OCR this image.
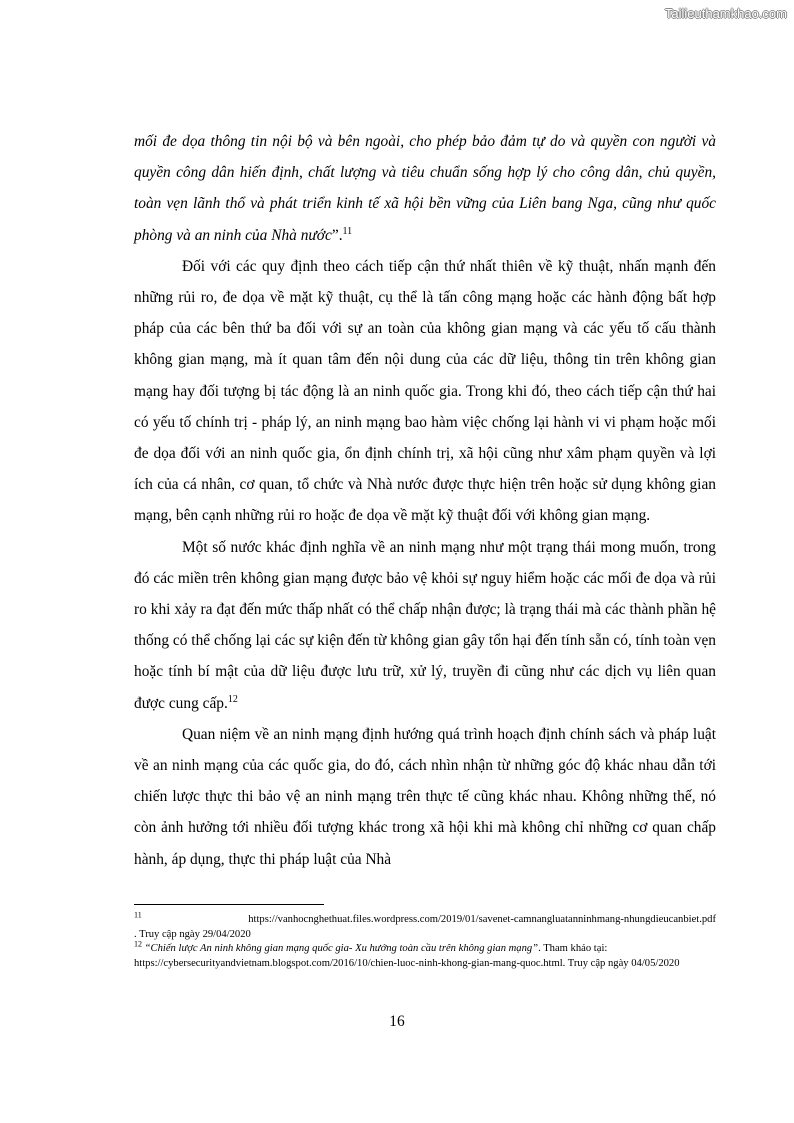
Tailieuthamkhao.com

mối đe dọa thông tin nội bộ và bên ngoài, cho phép bảo đảm tự do và quyền con người và quyền công dân hiến định, chất lượng và tiêu chuẩn sống hợp lý cho công dân, chủ quyền, toàn vẹn lãnh thổ và phát triển kinh tế xã hội bền vững của Liên bang Nga, cũng như quốc phòng và an ninh của Nhà nước”.$^{11}$

Đối với các quy định theo cách tiếp cận thứ nhất thiên về kỹ thuật, nhấn mạnh đến những rủi ro, đe dọa về mặt kỹ thuật, cụ thể là tấn công mạng hoặc các hành động bất hợp pháp của các bên thứ ba đối với sự an toàn của không gian mạng và các yếu tố cấu thành không gian mạng, mà ít quan tâm đến nội dung của các dữ liệu, thông tin trên không gian mạng hay đối tượng bị tác động là an ninh quốc gia. Trong khi đó, theo cách tiếp cận thứ hai có yếu tố chính trị - pháp lý, an ninh mạng bao hàm việc chống lại hành vi vi phạm hoặc mối đe dọa đối với an ninh quốc gia, ổn định chính trị, xã hội cũng như xâm phạm quyền và lợi ích của cá nhân, cơ quan, tổ chức và Nhà nước được thực hiện trên hoặc sử dụng không gian mạng, bên cạnh những rủi ro hoặc đe dọa về mặt kỹ thuật đối với không gian mạng.

Một số nước khác định nghĩa về an ninh mạng như một trạng thái mong muốn, trong đó các miền trên không gian mạng được bảo vệ khỏi sự nguy hiểm hoặc các mối đe dọa và rủi ro khi xảy ra đạt đến mức thấp nhất có thể chấp nhận được; là trạng thái mà các thành phần hệ thống có thể chống lại các sự kiện đến từ không gian gây tổn hại đến tính sẵn có, tính toàn vẹn hoặc tính bí mật của dữ liệu được lưu trữ, xử lý, truyền đi cũng như các dịch vụ liên quan được cung cấp.$^{12}$

Quan niệm về an ninh mạng định hướng quá trình hoạch định chính sách và pháp luật về an ninh mạng của các quốc gia, do đó, cách nhìn nhận từ những góc độ khác nhau dẫn tới chiến lược thực thi bảo vệ an ninh mạng trên thực tế cũng khác nhau. Không những thế, nó còn ảnh hưởng tới nhiều đối tượng khác trong xã hội khi mà không chỉ những cơ quan chấp hành, áp dụng, thực thi pháp luật của Nhà

$^{11}$	https://vanhocnghethuat.files.wordpress.com/2019/01/savenet-camnangluatanninhmang-nhungdieucanbiet.pdf

. Truy cập ngày 29/04/2020

$^{12}$ “Chiến lược An ninh không gian mạng quốc gia- Xu hướng toàn cầu trên không gian mạng”. Tham khảo tại:
https://cybersecurityandvietnam.blogspot.com/2016/10/chien-luoc-ninh-khong-gian-mang-quoc.html. Truy cập ngày 04/05/2020

16
